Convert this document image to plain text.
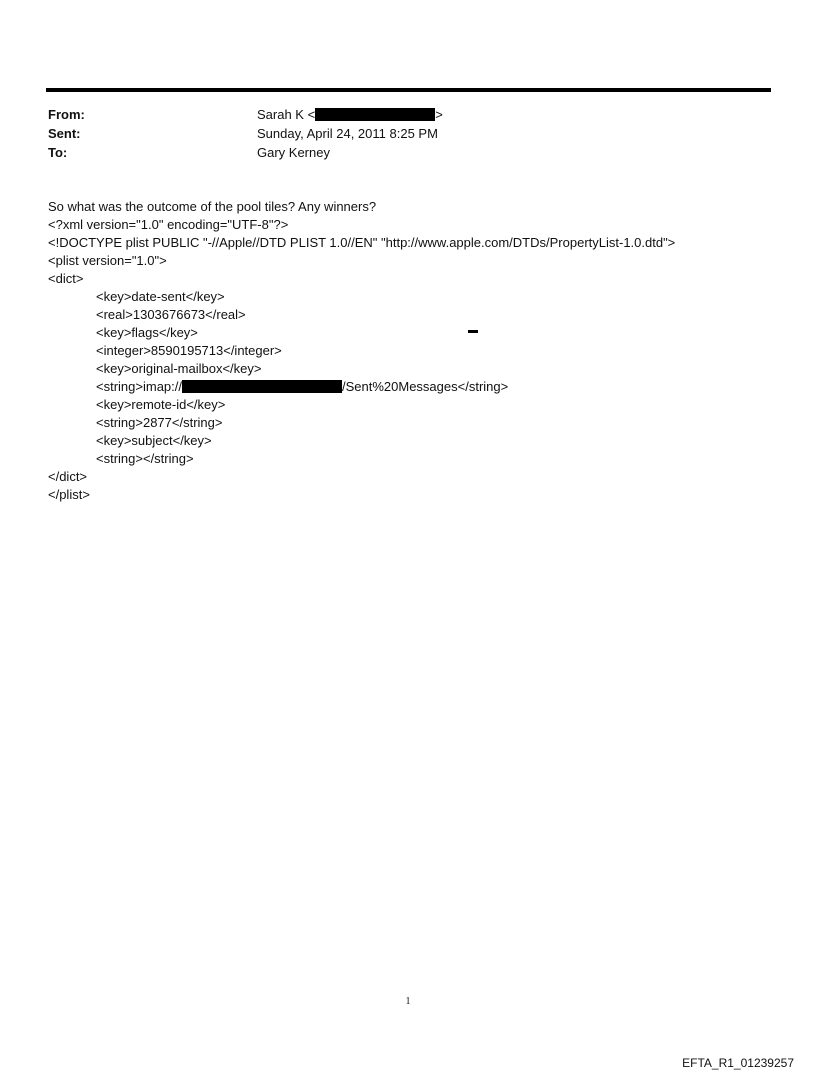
From:	Sarah K <	>
Sent:	Sunday, April 24, 2011 8:25 PM
To:	Gary Kerney
So what was the outcome of the pool tiles? Any winners?
<?xml version="1.0" encoding="UTF-8"?>
<!DOCTYPE plist PUBLIC "-//Apple//DTD PLIST 1.0//EN" "http://www.apple.com/DTDs/PropertyList-1.0.dtd">
<plist version="1.0">
<dict>
<key>date-sent</key>
<real>1303676673</real>
<key>flags</key>
<integer>8590195713</integer>
<key>original-mailbox</key>
<string>imap://	/Sent%20Messages</string>
<key>remote-id</key>
<string>2877</string>
<key>subject</key>
<string></string>
</dict>
</plist>
1
EFTA_R1_01239257
